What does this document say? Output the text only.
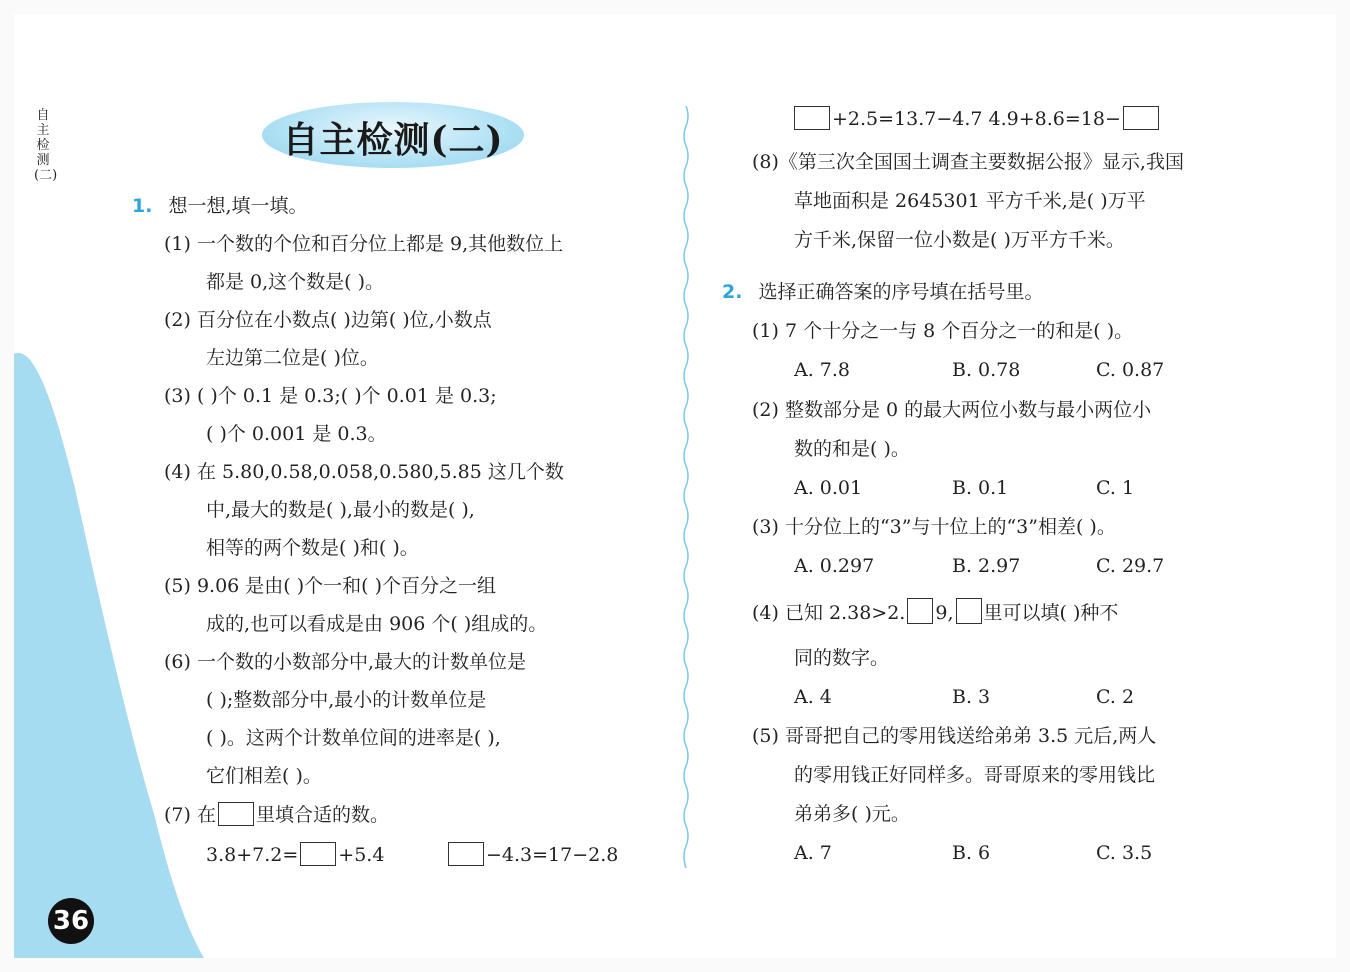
自主检测(二)
36
自主检测(二)
1. 想一想,填一填。
(1) 一个数的个位和百分位上都是 9,其他数位上
都是 0,这个数是( )。
(2) 百分位在小数点( )边第( )位,小数点
左边第二位是( )位。
(3) ( )个 0.1 是 0.3;( )个 0.01 是 0.3;
( )个 0.001 是 0.3。
(4) 在 5.80,0.58,0.058,0.580,5.85 这几个数
中,最大的数是( ),最小的数是( ),
相等的两个数是( )和( )。
(5) 9.06 是由( )个一和( )个百分之一组
成的,也可以看成是由 906 个( )组成的。
(6) 一个数的小数部分中,最大的计数单位是
( );整数部分中,最小的计数单位是
( )。这两个计数单位间的进率是( ),
它们相差( )。
(7) 在 里填合适的数。
3.8+7.2= +5.4	−4.3=17−2.8
+2.5=13.7−4.7 4.9+8.6=18−
(8)《第三次全国国土调查主要数据公报》显示,我国
草地面积是 2645301 平方千米,是( )万平
方千米,保留一位小数是( )万平方千米。
2. 选择正确答案的序号填在括号里。
(1) 7 个十分之一与 8 个百分之一的和是( )。
A. 7.8	B. 0.78	C. 0.87
(2) 整数部分是 0 的最大两位小数与最小两位小
数的和是( )。
A. 0.01	B. 0.1	C. 1
(3) 十分位上的“3”与十位上的“3”相差( )。
A. 0.297	B. 2.97	C. 29.7
(4) 已知 2.38>2. 9, 里可以填( )种不
同的数字。
A. 4	B. 3	C. 2
(5) 哥哥把自己的零用钱送给弟弟 3.5 元后,两人
的零用钱正好同样多。哥哥原来的零用钱比
弟弟多( )元。
A. 7	B. 6	C. 3.5
